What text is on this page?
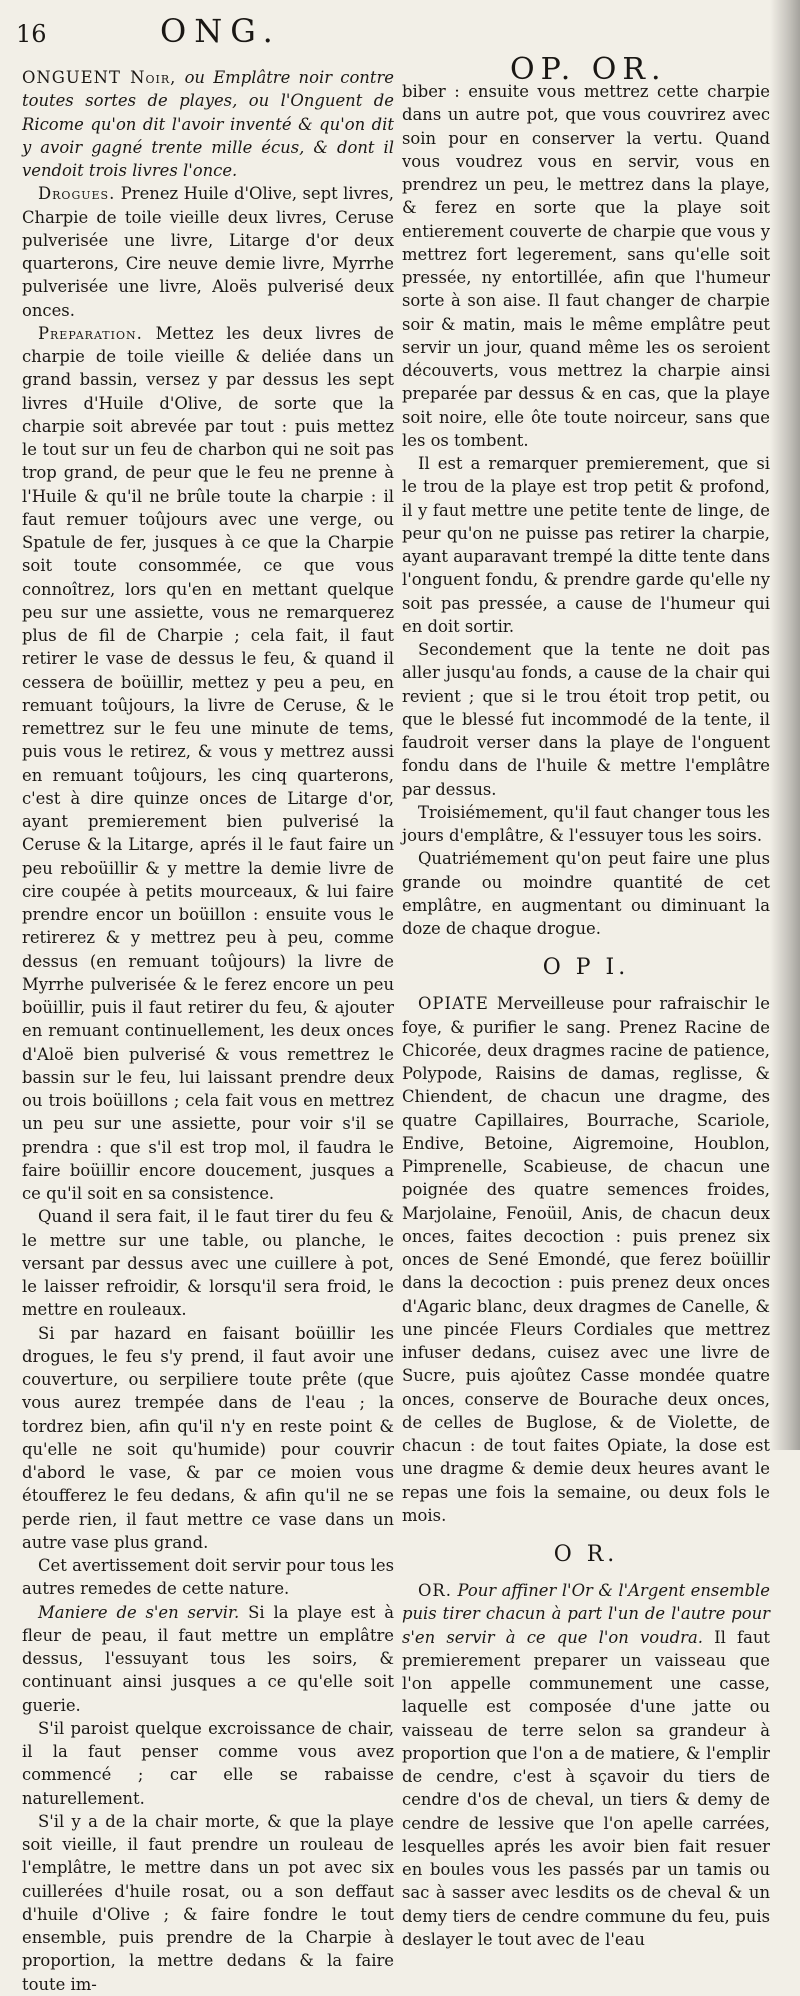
16	ONG.
OP. OR.

ONGUENT Noir, ou Emplâtre noir contre toutes sortes de playes, ou l'Onguent de Ricome qu'on dit l'avoir inventé & qu'on dit y avoir gagné trente mille écus, & dont il vendoit trois livres l'once.

Drogues. Prenez Huile d'Olive, sept livres, Charpie de toile vieille deux livres, Ceruse pulverisée une livre, Litarge d'or deux quarterons, Cire neuve demie livre, Myrrhe pulverisée une livre, Aloës pulverisé deux onces.

Preparation. Mettez les deux livres de charpie de toile vieille & deliée dans un grand bassin, versez y par dessus les sept livres d'Huile d'Olive, de sorte que la charpie soit abrevée par tout : puis mettez le tout sur un feu de charbon qui ne soit pas trop grand, de peur que le feu ne prenne à l'Huile & qu'il ne brûle toute la charpie : il faut remuer toûjours avec une verge, ou Spatule de fer, jusques à ce que la Charpie soit toute consommée, ce que vous connoîtrez, lors qu'en en mettant quelque peu sur une assiette, vous ne remarquerez plus de fil de Charpie ; cela fait, il faut retirer le vase de dessus le feu, & quand il cessera de boüillir, mettez y peu a peu, en remuant toûjours, la livre de Ceruse, & le remettrez sur le feu une minute de tems, puis vous le retirez, & vous y mettrez aussi en remuant toûjours, les cinq quarterons, c'est à dire quinze onces de Litarge d'or, ayant premierement bien pulverisé la Ceruse & la Litarge, aprés il le faut faire un peu reboüillir & y mettre la demie livre de cire coupée à petits mourceaux, & lui faire prendre encor un boüillon : ensuite vous le retirerez & y mettrez peu à peu, comme dessus (en remuant toûjours) la livre de Myrrhe pulverisée & le ferez encore un peu boüillir, puis il faut retirer du feu, & ajouter en remuant continuellement, les deux onces d'Aloë bien pulverisé & vous remettrez le bassin sur le feu, lui laissant prendre deux ou trois boüillons ; cela fait vous en mettrez un peu sur une assiette, pour voir s'il se prendra : que s'il est trop mol, il faudra le faire boüillir encore doucement, jusques a ce qu'il soit en sa consistence.

Quand il sera fait, il le faut tirer du feu & le mettre sur une table, ou planche, le versant par dessus avec une cuillere à pot, le laisser refroidir, & lorsqu'il sera froid, le mettre en rouleaux.

Si par hazard en faisant boüillir les drogues, le feu s'y prend, il faut avoir une couverture, ou serpiliere toute prête (que vous aurez trempée dans de l'eau ; la tordrez bien, afin qu'il n'y en reste point & qu'elle ne soit qu'humide) pour couvrir d'abord le vase, & par ce moien vous étoufferez le feu dedans, & afin qu'il ne se perde rien, il faut mettre ce vase dans un autre vase plus grand.

Cet avertissement doit servir pour tous les autres remedes de cette nature.

Maniere de s'en servir. Si la playe est à fleur de peau, il faut mettre un emplâtre dessus, l'essuyant tous les soirs, & continuant ainsi jusques a ce qu'elle soit guerie.

S'il paroist quelque excroissance de chair, il la faut penser comme vous avez commencé ; car elle se rabaisse naturellement.

S'il y a de la chair morte, & que la playe soit vieille, il faut prendre un rouleau de l'emplâtre, le mettre dans un pot avec six cuillerées d'huile rosat, ou a son deffaut d'huile d'Olive ; & faire fondre le tout ensemble, puis prendre de la Charpie à proportion, la mettre dedans & la faire toute im-

biber : ensuite vous mettrez cette charpie dans un autre pot, que vous couvrirez avec soin pour en conserver la vertu. Quand vous voudrez vous en servir, vous en prendrez un peu, le mettrez dans la playe, & ferez en sorte que la playe soit entierement couverte de charpie que vous y mettrez fort legerement, sans qu'elle soit pressée, ny entortillée, afin que l'humeur sorte à son aise. Il faut changer de charpie soir & matin, mais le même emplâtre peut servir un jour, quand même les os seroient découverts, vous mettrez la charpie ainsi preparée par dessus & en cas, que la playe soit noire, elle ôte toute noirceur, sans que les os tombent.

Il est a remarquer premierement, que si le trou de la playe est trop petit & profond, il y faut mettre une petite tente de linge, de peur qu'on ne puisse pas retirer la charpie, ayant auparavant trempé la ditte tente dans l'onguent fondu, & prendre garde qu'elle ny soit pas pressée, a cause de l'humeur qui en doit sortir.

Secondement que la tente ne doit pas aller jusqu'au fonds, a cause de la chair qui revient ; que si le trou étoit trop petit, ou que le blessé fut incommodé de la tente, il faudroit verser dans la playe de l'onguent fondu dans de l'huile & mettre l'emplâtre par dessus.

Troisiémement, qu'il faut changer tous les jours d'emplâtre, & l'essuyer tous les soirs.

Quatriémement qu'on peut faire une plus grande ou moindre quantité de cet emplâtre, en augmentant ou diminuant la doze de chaque drogue.

O P I.

OPIATE Merveilleuse pour rafraischir le foye, & purifier le sang. Prenez Racine de Chicorée, deux dragmes racine de patience, Polypode, Raisins de damas, reglisse, & Chiendent, de chacun une dragme, des quatre Capillaires, Bourrache, Scariole, Endive, Betoine, Aigremoine, Houblon, Pimprenelle, Scabieuse, de chacun une poignée des quatre semences froides, Marjolaine, Fenoüil, Anis, de chacun deux onces, faites decoction : puis prenez six onces de Sené Emondé, que ferez boüillir dans la decoction : puis prenez deux onces d'Agaric blanc, deux dragmes de Canelle, & une pincée Fleurs Cordiales que mettrez infuser dedans, cuisez avec une livre de Sucre, puis ajoûtez Casse mondée quatre onces, conserve de Bourache deux onces, de celles de Buglose, & de Violette, de chacun : de tout faites Opiate, la dose est une dragme & demie deux heures avant le repas une fois la semaine, ou deux fols le mois.

O R.

OR. Pour affiner l'Or & l'Argent ensemble puis tirer chacun à part l'un de l'autre pour s'en servir à ce que l'on voudra. Il faut premierement preparer un vaisseau que l'on appelle communement une casse, laquelle est composée d'une jatte ou vaisseau de terre selon sa grandeur à proportion que l'on a de matiere, & l'emplir de cendre, c'est à sçavoir du tiers de cendre d'os de cheval, un tiers & demy de cendre de lessive que l'on apelle carrées, lesquelles aprés les avoir bien fait resuer en boules vous les passés par un tamis ou sac à sasser avec lesdits os de cheval & un demy tiers de cendre commune du feu, puis deslayer le tout avec de l'eau
